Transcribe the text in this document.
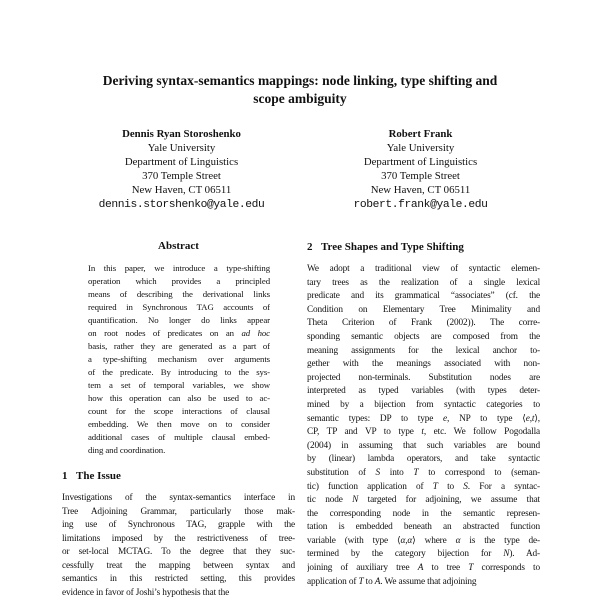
Deriving syntax-semantics mappings: node linking, type shifting and
scope ambiguity
Dennis Ryan Storoshenko
Yale University
Department of Linguistics
370 Temple Street
New Haven, CT 06511
dennis.storshenko@yale.edu
Robert Frank
Yale University
Department of Linguistics
370 Temple Street
New Haven, CT 06511
robert.frank@yale.edu
Abstract
In this paper, we introduce a type-shifting
operation which provides a principled
means of describing the derivational links
required in Synchronous TAG accounts of
quantification. No longer do links appear
on root nodes of predicates on an ad hoc
basis, rather they are generated as a part of
a type-shifting mechanism over arguments
of the predicate. By introducing to the sys-
tem a set of temporal variables, we show
how this operation can also be used to ac-
count for the scope interactions of clausal
embedding. We then move on to consider
additional cases of multiple clausal embed-
ding and coordination.
1 The Issue
Investigations of the syntax-semantics interface in
Tree Adjoining Grammar, particularly those mak-
ing use of Synchronous TAG, grapple with the
limitations imposed by the restrictiveness of tree-
or set-local MCTAG. To the degree that they suc-
cessfully treat the mapping between syntax and
semantics in this restricted setting, this provides
evidence in favor of Joshi’s hypothesis that the
2 Tree Shapes and Type Shifting
We adopt a traditional view of syntactic elemen-
tary trees as the realization of a single lexical
predicate and its grammatical “associates” (cf. the
Condition on Elementary Tree Minimality and
Theta Criterion of Frank (2002)). The corre-
sponding semantic objects are composed from the
meaning assignments for the lexical anchor to-
gether with the meanings associated with non-
projected non-terminals. Substitution nodes are
interpreted as typed variables (with types deter-
mined by a bijection from syntactic categories to
semantic types: DP to type e, NP to type ⟨e,t⟩,
CP, TP and VP to type t, etc. We follow Pogodalla
(2004) in assuming that such variables are bound
by (linear) lambda operators, and take syntactic
substitution of S into T to correspond to (seman-
tic) function application of T to S. For a syntac-
tic node N targeted for adjoining, we assume that
the corresponding node in the semantic represen-
tation is embedded beneath an abstracted function
variable (with type ⟨α,α⟩ where α is the type de-
termined by the category bijection for N). Ad-
joining of auxiliary tree A to tree T corresponds to
application of T to A. We assume that adjoining
